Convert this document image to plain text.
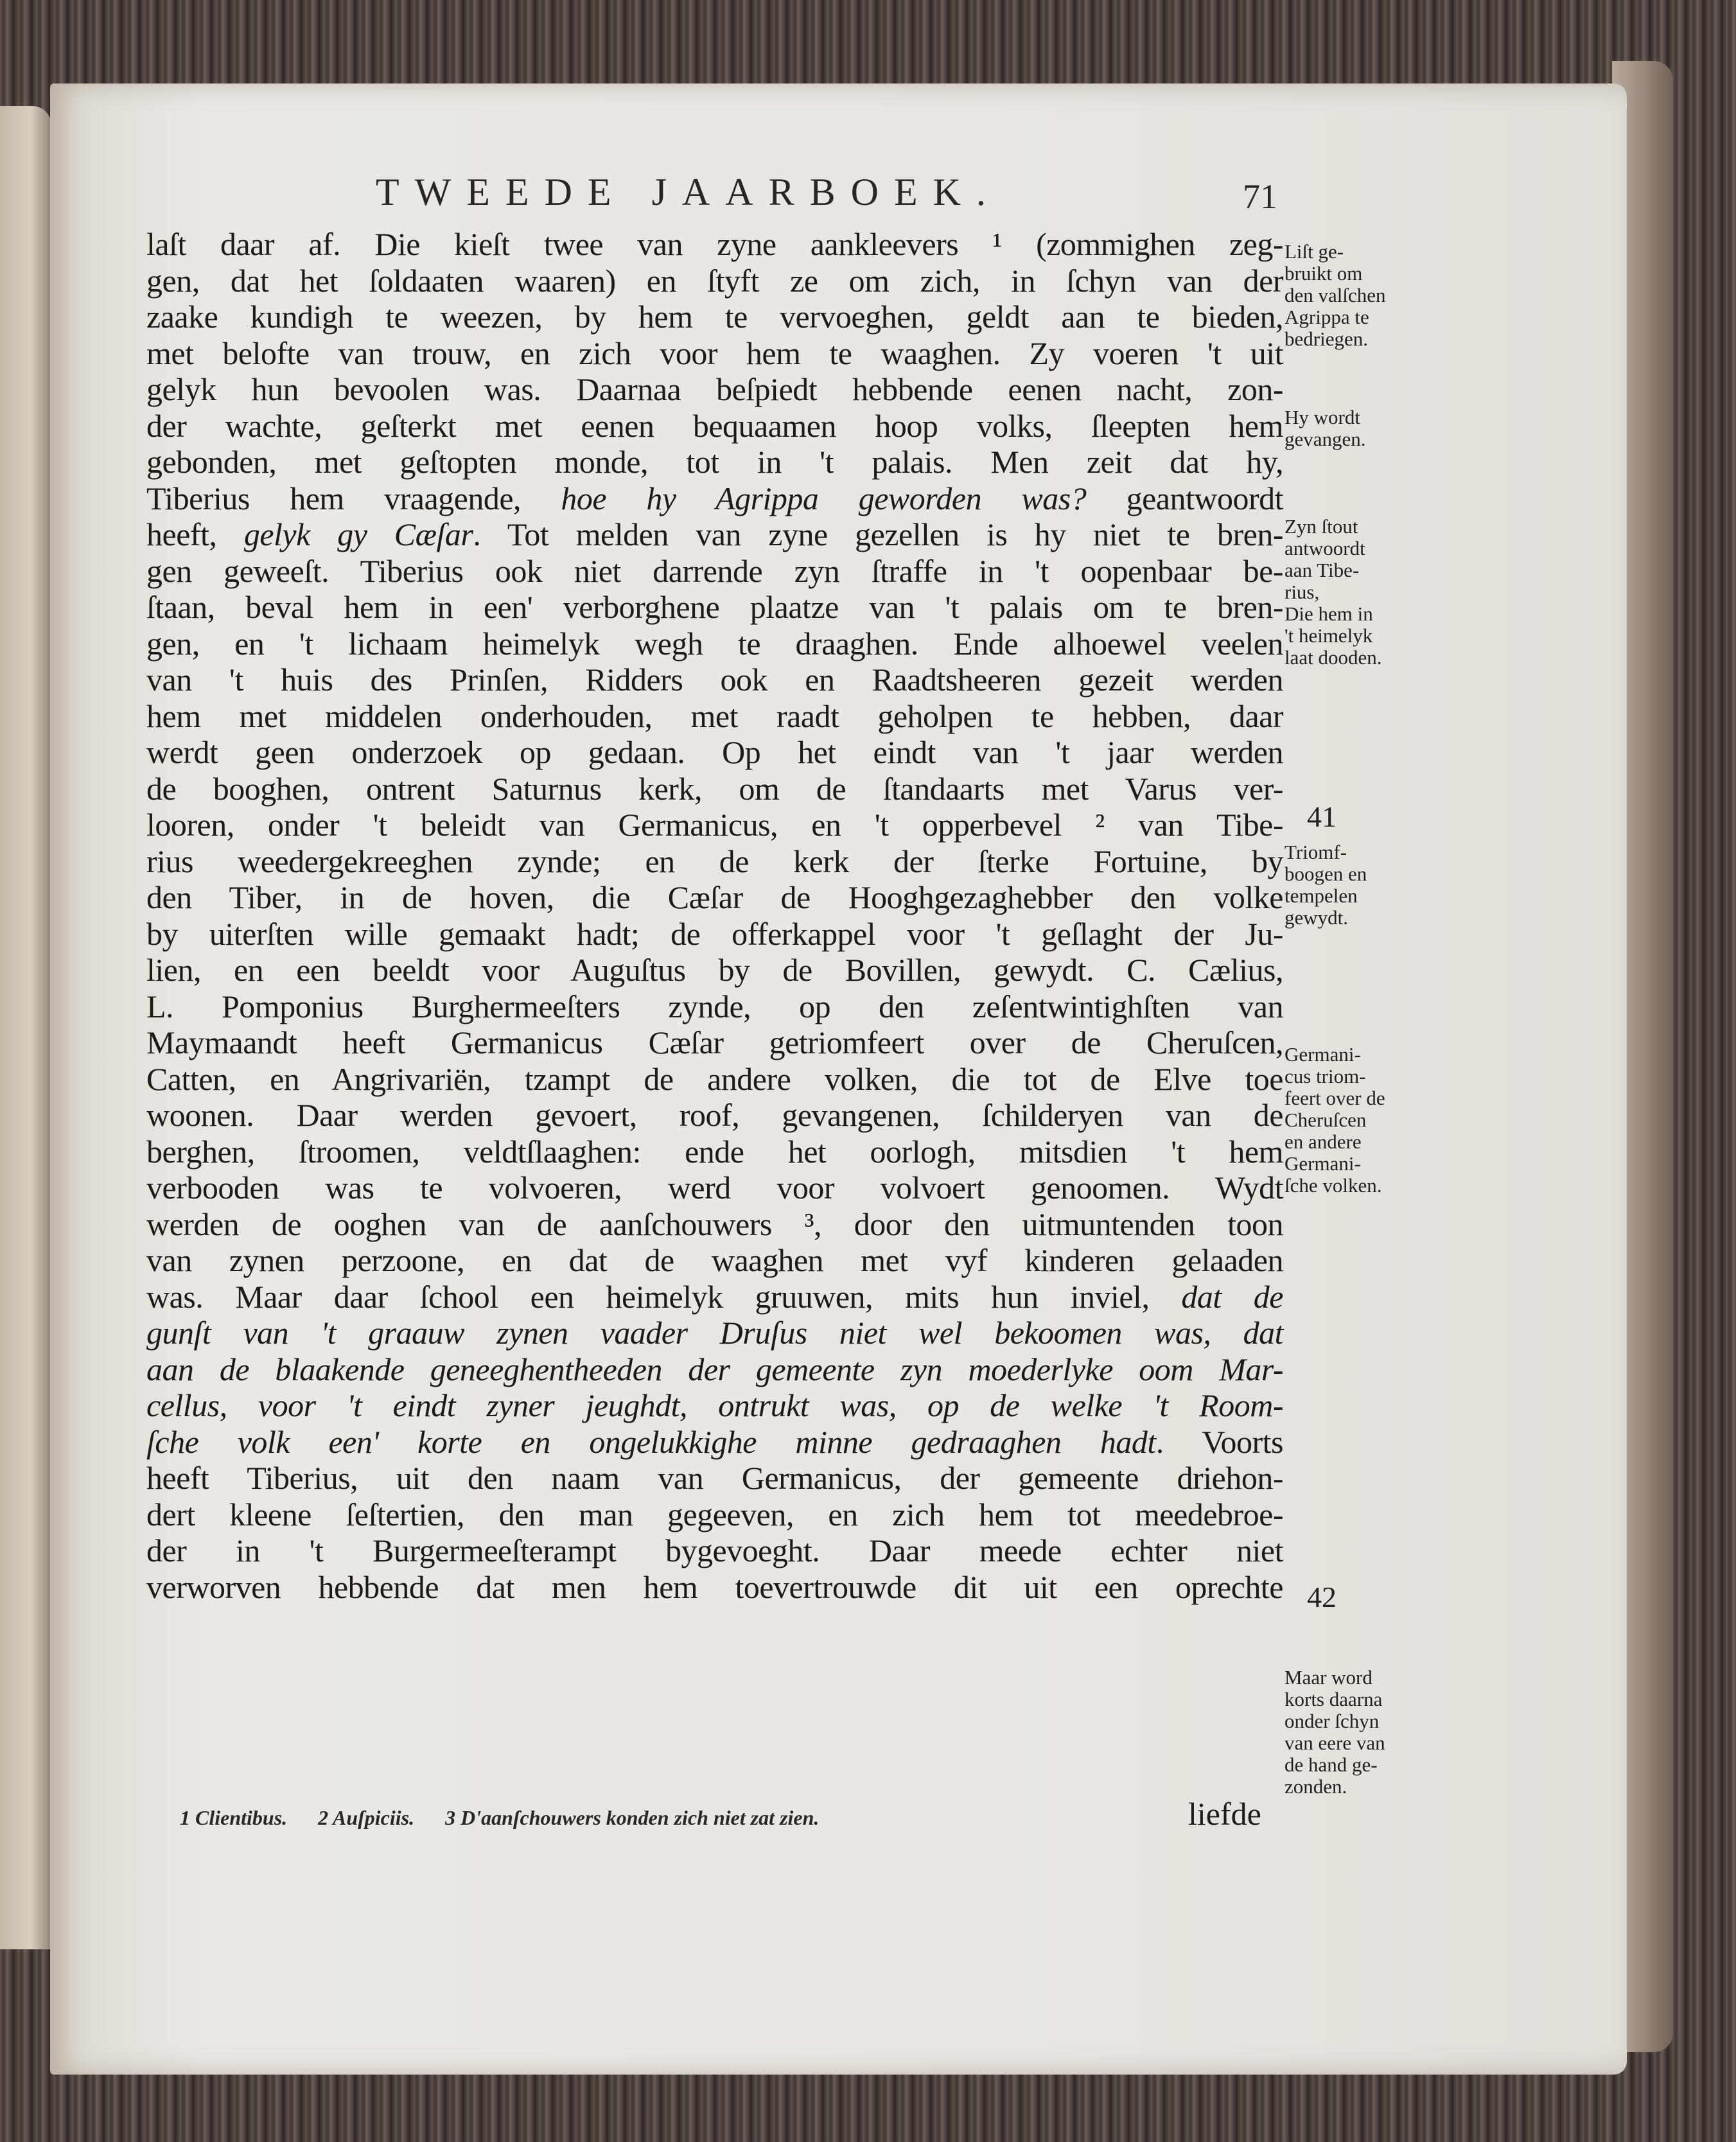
TWEEDE JAARBOEK.	71
laſt daar af. Die kieſt twee van zyne aankleevers ¹ (zommighen zeg-
gen, dat het ſoldaaten waaren) en ſtyft ze om zich, in ſchyn van der
zaake kundigh te weezen, by hem te vervoeghen, geldt aan te bieden,
met belofte van trouw, en zich voor hem te waaghen. Zy voeren 't uit
gelyk hun bevoolen was. Daarnaa beſpiedt hebbende eenen nacht, zon-
der wachte, geſterkt met eenen bequaamen hoop volks, ſleepten hem
gebonden, met geſtopten monde, tot in 't palais. Men zeit dat hy,
Tiberius hem vraagende, hoe hy Agrippa geworden was? geantwoordt
heeft, gelyk gy Cæſar. Tot melden van zyne gezellen is hy niet te bren-
gen geweeſt. Tiberius ook niet darrende zyn ſtraffe in 't oopenbaar be-
ſtaan, beval hem in een' verborghene plaatze van 't palais om te bren-
gen, en 't lichaam heimelyk wegh te draaghen. Ende alhoewel veelen
van 't huis des Prinſen, Ridders ook en Raadtsheeren gezeit werden
hem met middelen onderhouden, met raadt geholpen te hebben, daar
werdt geen onderzoek op gedaan. Op het eindt van 't jaar werden
de booghen, ontrent Saturnus kerk, om de ſtandaarts met Varus ver-
looren, onder 't beleidt van Germanicus, en 't opperbevel ² van Tibe-
rius weedergekreeghen zynde; en de kerk der ſterke Fortuine, by
den Tiber, in de hoven, die Cæſar de Hooghgezaghebber den volke
by uiterſten wille gemaakt hadt; de offerkappel voor 't geſlaght der Ju-
lien, en een beeldt voor Auguſtus by de Bovillen, gewydt. C. Cælius,
L. Pomponius Burghermeeſters zynde, op den zeſentwintighſten van
Maymaandt heeft Germanicus Cæſar getriomfeert over de Cheruſcen,
Catten, en Angrivariën, tzampt de andere volken, die tot de Elve toe
woonen. Daar werden gevoert, roof, gevangenen, ſchilderyen van de
berghen, ſtroomen, veldtſlaaghen: ende het oorlogh, mitsdien 't hem
verbooden was te volvoeren, werd voor volvoert genoomen. Wydt
werden de ooghen van de aanſchouwers ³, door den uitmuntenden toon
van zynen perzoone, en dat de waaghen met vyf kinderen gelaaden
was. Maar daar ſchool een heimelyk gruuwen, mits hun inviel, dat de
gunſt van 't graauw zynen vaader Druſus niet wel bekoomen was, dat
aan de blaakende geneeghentheeden der gemeente zyn moederlyke oom Mar-
cellus, voor 't eindt zyner jeughdt, ontrukt was, op de welke 't Room-
ſche volk een' korte en ongelukkighe minne gedraaghen hadt. Voorts
heeft Tiberius, uit den naam van Germanicus, der gemeente driehon-
dert kleene ſeſtertien, den man gegeeven, en zich hem tot meedebroe-
der in 't Burgermeeſterampt bygevoeght. Daar meede echter niet
verworven hebbende dat men hem toevertrouwde dit uit een oprechte
Liſt ge-
bruikt om
den valſchen
Agrippa te
bedriegen.
Hy wordt
gevangen.
Zyn ſtout
antwoordt
aan Tibe-
rius,
Die hem in
't heimelyk
laat dooden.
Triomf-
boogen en
tempelen
gewydt.
Germani-
cus triom-
feert over de
Cheruſcen
en andere
Germani-
ſche volken.
Maar word
korts daarna
onder ſchyn
van eere van
de hand ge-
zonden.
41
42
1 Clientibus. 2 Auſpiciis. 3 D'aanſchouwers konden zich niet zat zien.	liefde
